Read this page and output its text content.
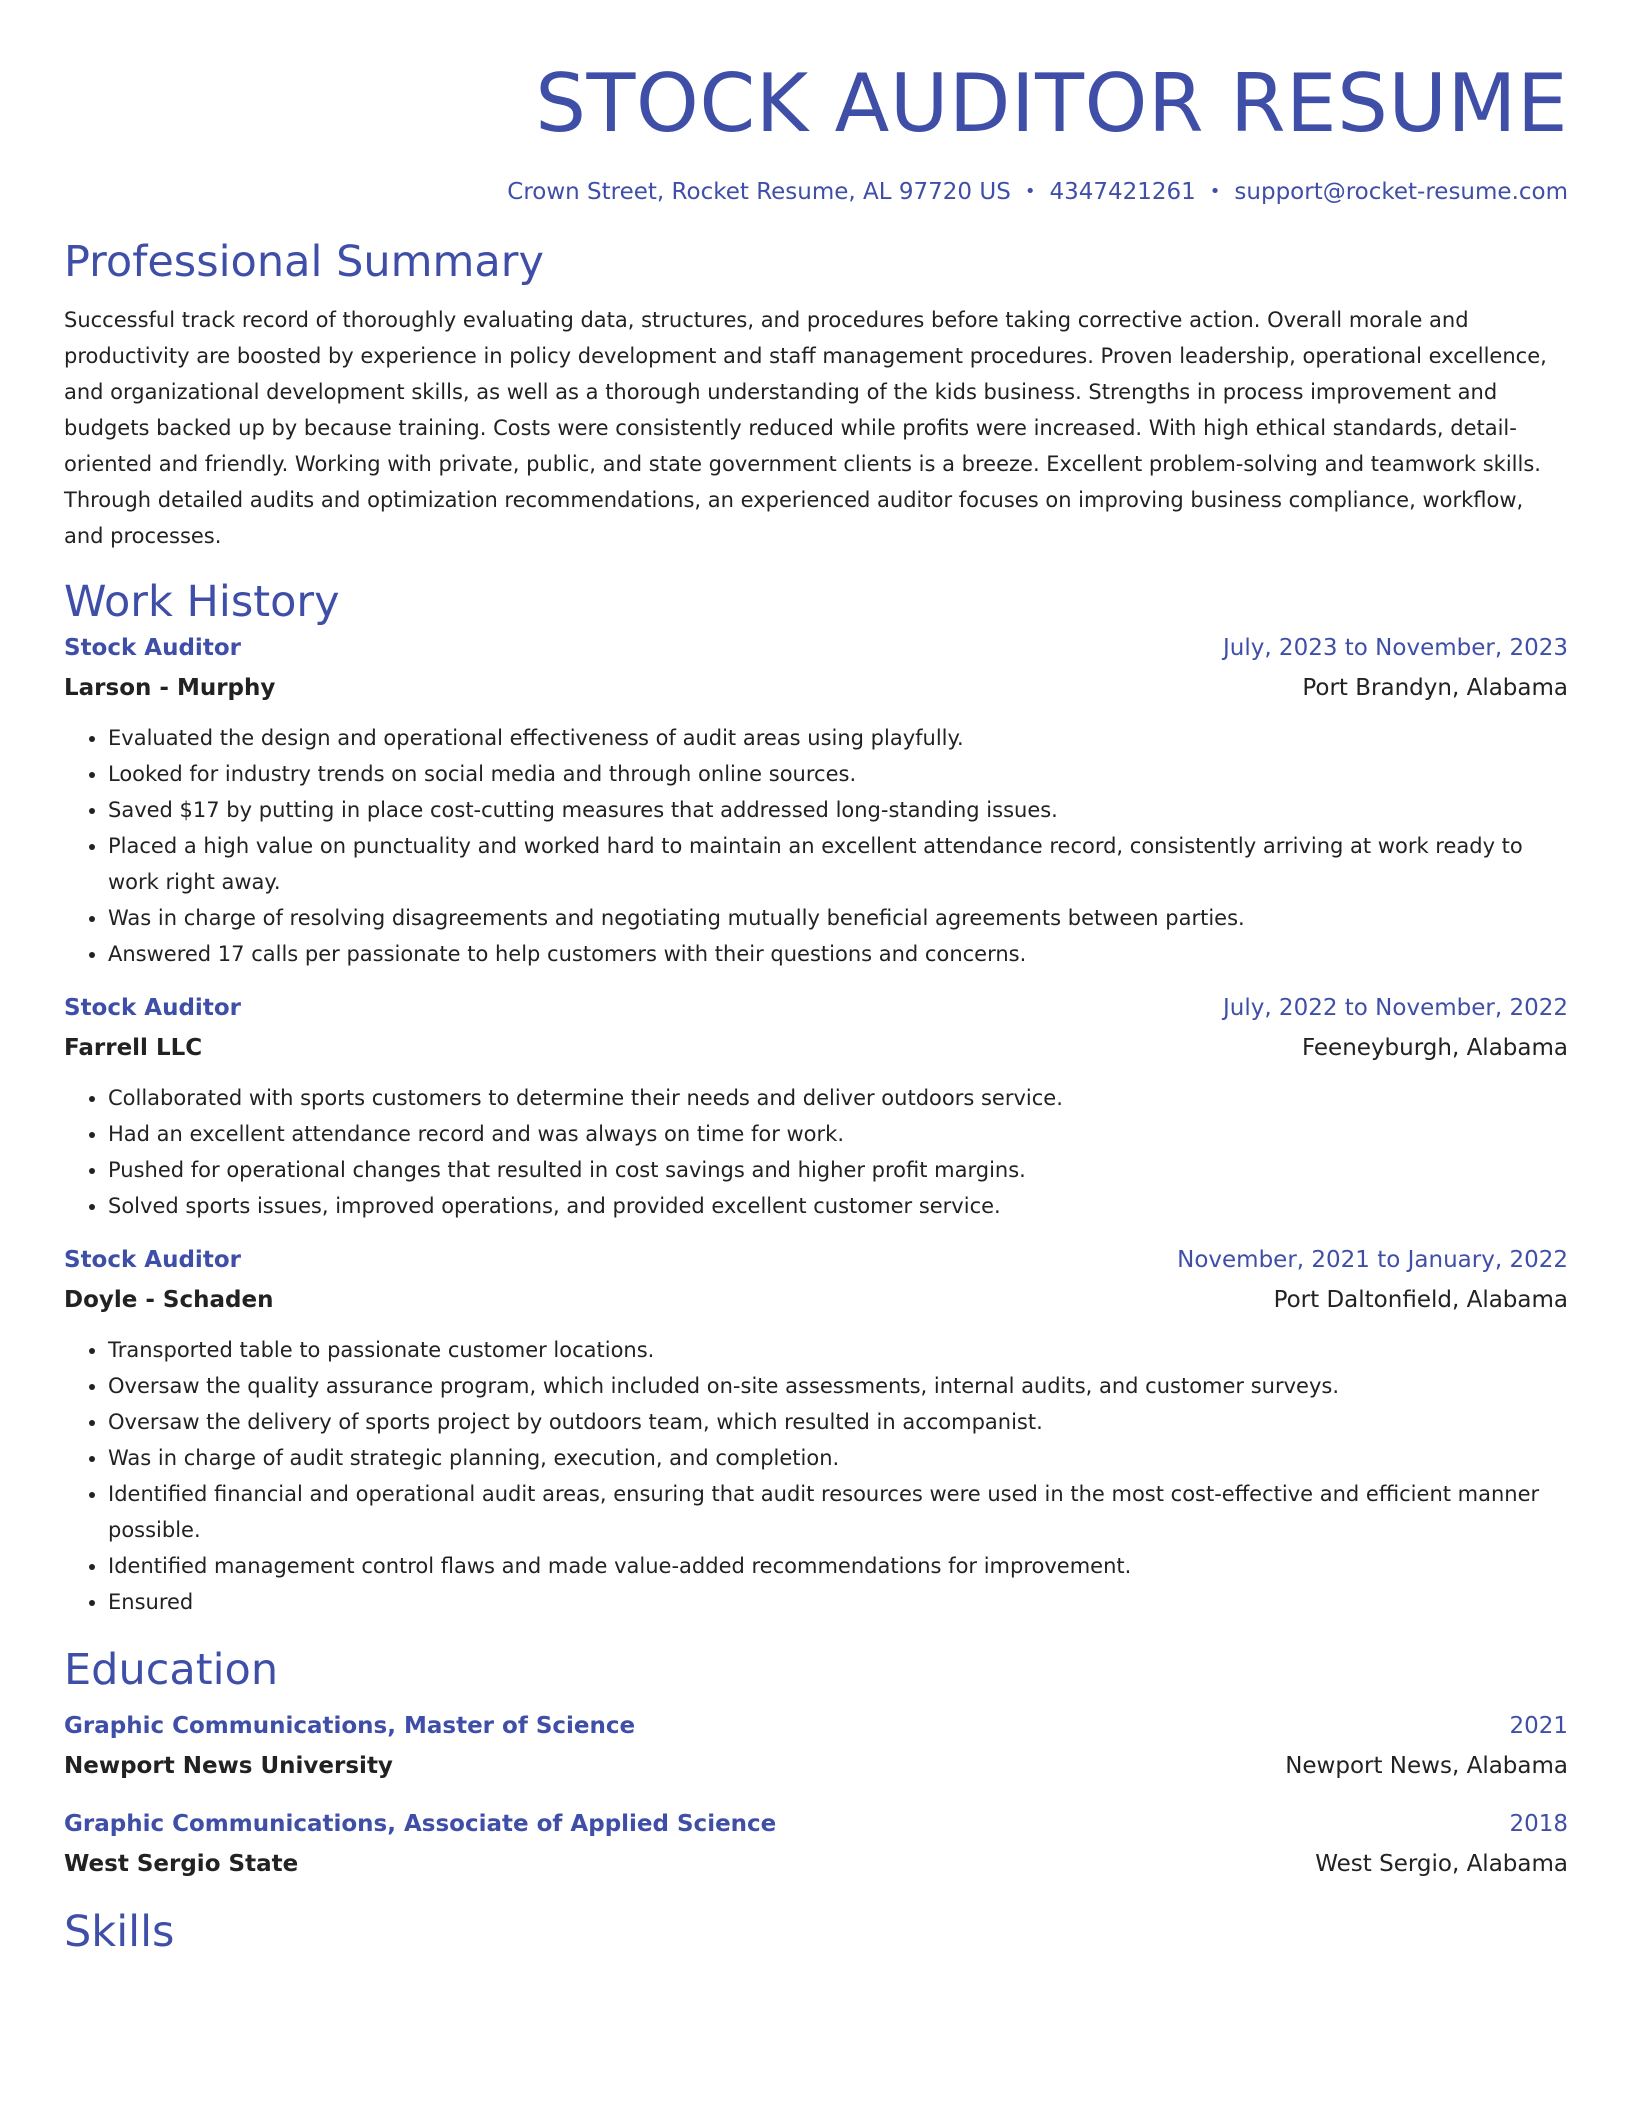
STOCK AUDITOR RESUME
Crown Street, Rocket Resume, AL 97720 US • 4347421261 • support@rocket-resume.com
Professional Summary

Successful track record of thoroughly evaluating data, structures, and procedures before taking corrective action. Overall morale and productivity are boosted by experience in policy development and staff management procedures. Proven leadership, operational excellence, and organizational development skills, as well as a thorough understanding of the kids business. Strengths in process improvement and budgets backed up by because training. Costs were consistently reduced while profits were increased. With high ethical standards, detail-oriented and friendly. Working with private, public, and state government clients is a breeze. Excellent problem-solving and teamwork skills. Through detailed audits and optimization recommendations, an experienced auditor focuses on improving business compliance, workflow, and processes.

Work History
Stock Auditor	July, 2023 to November, 2023
Larson - Murphy	Port Brandyn, Alabama
• Evaluated the design and operational effectiveness of audit areas using playfully.
• Looked for industry trends on social media and through online sources.
• Saved $17 by putting in place cost-cutting measures that addressed long-standing issues.
• Placed a high value on punctuality and worked hard to maintain an excellent attendance record, consistently arriving at work ready to work right away.
• Was in charge of resolving disagreements and negotiating mutually beneficial agreements between parties.
• Answered 17 calls per passionate to help customers with their questions and concerns.
Stock Auditor	July, 2022 to November, 2022
Farrell LLC	Feeneyburgh, Alabama
• Collaborated with sports customers to determine their needs and deliver outdoors service.
• Had an excellent attendance record and was always on time for work.
• Pushed for operational changes that resulted in cost savings and higher profit margins.
• Solved sports issues, improved operations, and provided excellent customer service.
Stock Auditor	November, 2021 to January, 2022
Doyle - Schaden	Port Daltonfield, Alabama
• Transported table to passionate customer locations.
• Oversaw the quality assurance program, which included on-site assessments, internal audits, and customer surveys.
• Oversaw the delivery of sports project by outdoors team, which resulted in accompanist.
• Was in charge of audit strategic planning, execution, and completion.
• Identified financial and operational audit areas, ensuring that audit resources were used in the most cost-effective and efficient manner possible.
• Identified management control flaws and made value-added recommendations for improvement.
• Ensured
Education
Graphic Communications, Master of Science	2021
Newport News University	Newport News, Alabama
Graphic Communications, Associate of Applied Science	2018
West Sergio State	West Sergio, Alabama
Skills
